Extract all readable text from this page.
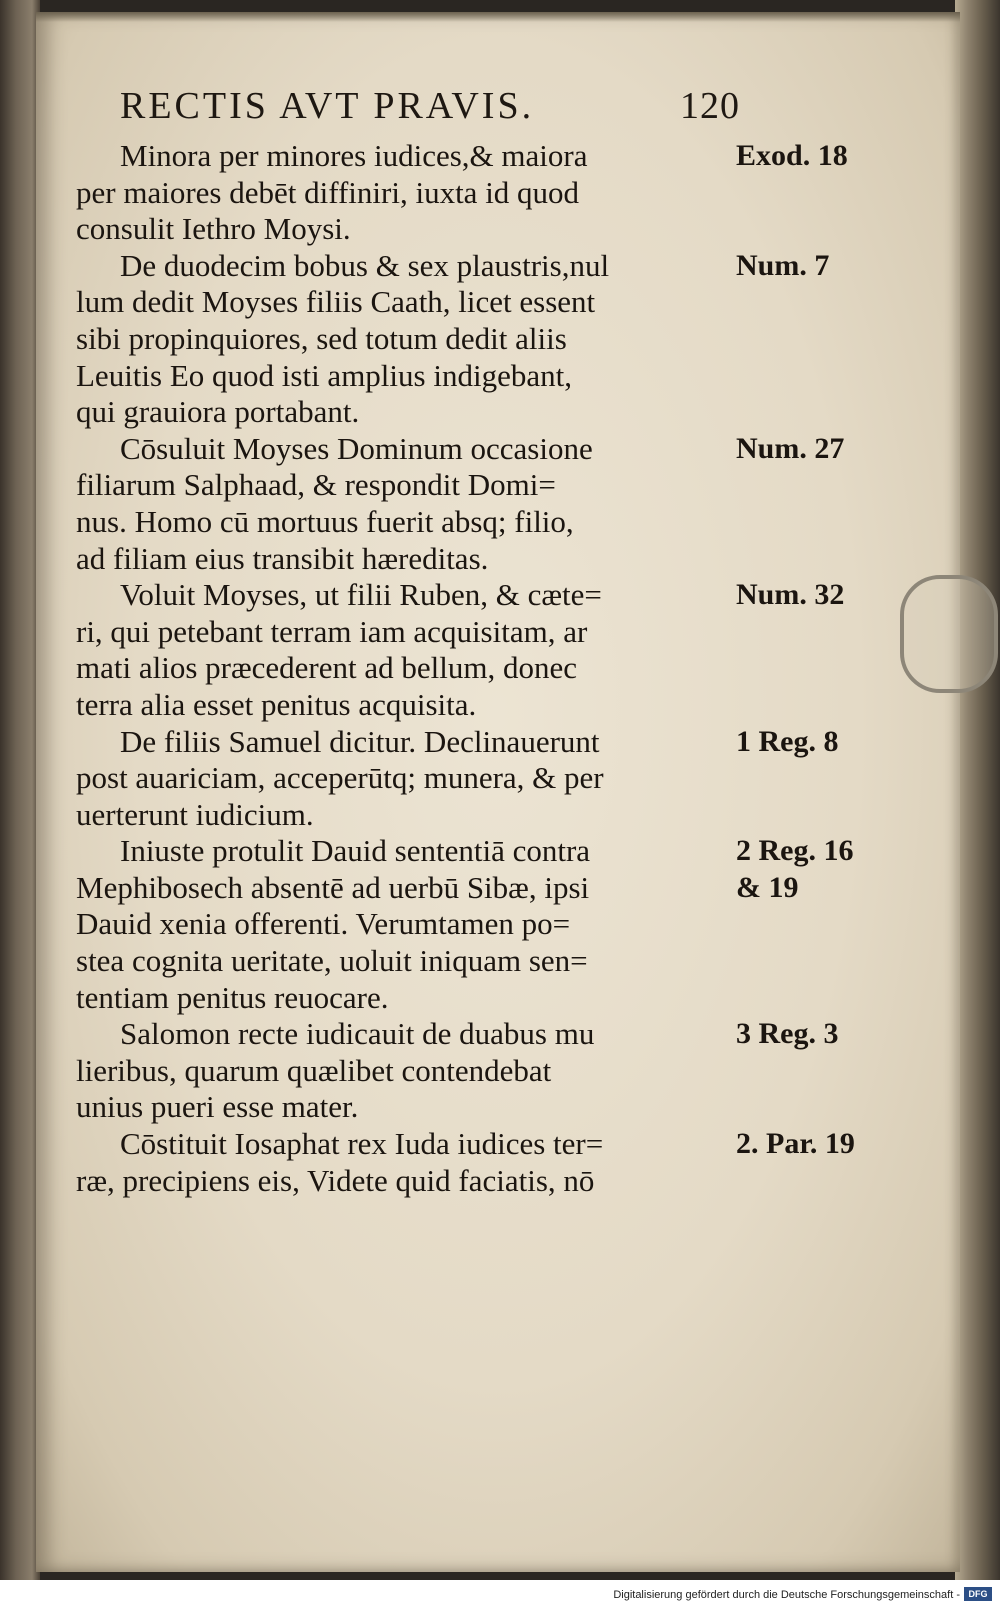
RECTIS AVT PRAVIS.	120
Minora per minores iudices,& maiora
per maiores debēt diffiniri, iuxta id quod
consulit Iethro Moysi.
De duodecim bobus & sex plaustris,nul
lum dedit Moyses filiis Caath, licet essent
sibi propinquiores, sed totum dedit aliis
Leuitis Eo quod isti amplius indigebant,
qui grauiora portabant.
Cōsuluit Moyses Dominum occasione
filiarum Salphaad, & respondit Domi=
nus. Homo cū mortuus fuerit absq; filio,
ad filiam eius transibit hæreditas.
Voluit Moyses, ut filii Ruben, & cæte=
ri, qui petebant terram iam acquisitam, ar
mati alios præcederent ad bellum, donec
terra alia esset penitus acquisita.
De filiis Samuel dicitur. Declinauerunt
post auariciam, acceperūtq; munera, & per
uerterunt iudicium.
Iniuste protulit Dauid sententiā contra
Mephibosech absentē ad uerbū Sibæ, ipsi
Dauid xenia offerenti. Verumtamen po=
stea cognita ueritate, uoluit iniquam sen=
tentiam penitus reuocare.
Salomon recte iudicauit de duabus mu
lieribus, quarum quælibet contendebat
unius pueri esse mater.
Cōstituit Iosaphat rex Iuda iudices ter=
ræ, precipiens eis, Videte quid faciatis, nō
Exod. 18
Num. 7
Num. 27
Num. 32
1 Reg. 8
2 Reg. 16
& 19
3 Reg. 3
2. Par. 19
Digitalisierung gefördert durch die Deutsche Forschungsgemeinschaft - DFG
